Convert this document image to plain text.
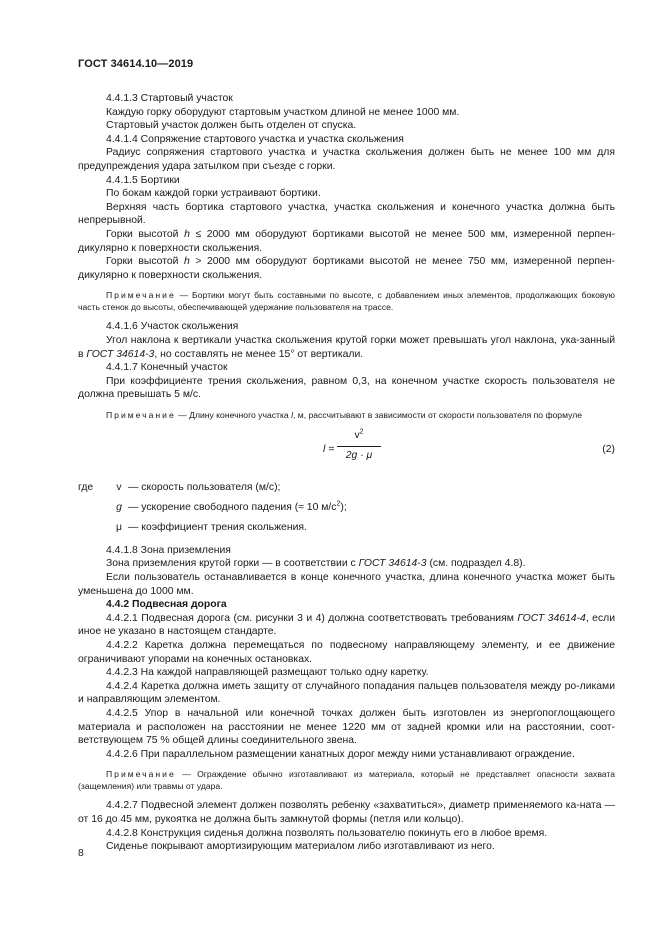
ГОСТ 34614.10—2019

4.4.1.3 Стартовый участок

Каждую горку оборудуют стартовым участком длиной не менее 1000 мм.

Стартовый участок должен быть отделен от спуска.

4.4.1.4 Сопряжение стартового участка и участка скольжения

Радиус сопряжения стартового участка и участка скольжения должен быть не менее 100 мм для предупреждения удара затылком при съезде с горки.

4.4.1.5 Бортики

По бокам каждой горки устраивают бортики.

Верхняя часть бортика стартового участка, участка скольжения и конечного участка должна быть непрерывной.

Горки высотой h ≤ 2000 мм оборудуют бортиками высотой не менее 500 мм, измеренной перпен-дикулярно к поверхности скольжения.

Горки высотой h > 2000 мм оборудуют бортиками высотой не менее 750 мм, измеренной перпен-дикулярно к поверхности скольжения.

Примечание — Бортики могут быть составными по высоте, с добавлением иных элементов, продолжающих боковую часть стенок до высоты, обеспечивающей удержание пользователя на трассе.

4.4.1.6 Участок скольжения

Угол наклона к вертикали участка скольжения крутой горки может превышать угол наклона, ука-занный в ГОСТ 34614-3, но составлять не менее 15° от вертикали.

4.4.1.7 Конечный участок

При коэффициенте трения скольжения, равном 0,3, на конечном участке скорость пользователя не должна превышать 5 м/с.

Примечание — Длину конечного участка l, м, рассчитывают в зависимости от скорости пользователя по формуле

l =
$v^2$
2g · μ
(2)
где	v — скорость пользователя (м/с);
g — ускорение свободного падения (≈ 10 $м/с^2$);
μ — коэффициент трения скольжения.

4.4.1.8 Зона приземления

Зона приземления крутой горки — в соответствии с ГОСТ 34614-3 (см. подраздел 4.8).

Если пользователь останавливается в конце конечного участка, длина конечного участка может быть уменьшена до 1000 мм.

4.4.2 Подвесная дорога

4.4.2.1 Подвесная дорога (см. рисунки 3 и 4) должна соответствовать требованиям ГОСТ 34614-4, если иное не указано в настоящем стандарте.

4.4.2.2 Каретка должна перемещаться по подвесному направляющему элементу, и ее движение ограничивают упорами на конечных остановках.

4.4.2.3 На каждой направляющей размещают только одну каретку.

4.4.2.4 Каретка должна иметь защиту от случайного попадания пальцев пользователя между ро-ликами и направляющим элементом.

4.4.2.5 Упор в начальной или конечной точках должен быть изготовлен из энергопоглощающего материала и расположен на расстоянии не менее 1220 мм от задней кромки или на расстоянии, соот-ветствующем 75 % общей длины соединительного звена.

4.4.2.6 При параллельном размещении канатных дорог между ними устанавливают ограждение.

Примечание — Ограждение обычно изготавливают из материала, который не представляет опасности захвата (защемления) или травмы от удара.

4.4.2.7 Подвесной элемент должен позволять ребенку «захватиться», диаметр применяемого ка-ната — от 16 до 45 мм, рукоятка не должна быть замкнутой формы (петля или кольцо).

4.4.2.8 Конструкция сиденья должна позволять пользователю покинуть его в любое время.

Сиденье покрывают амортизирующим материалом либо изготавливают из него.

8
